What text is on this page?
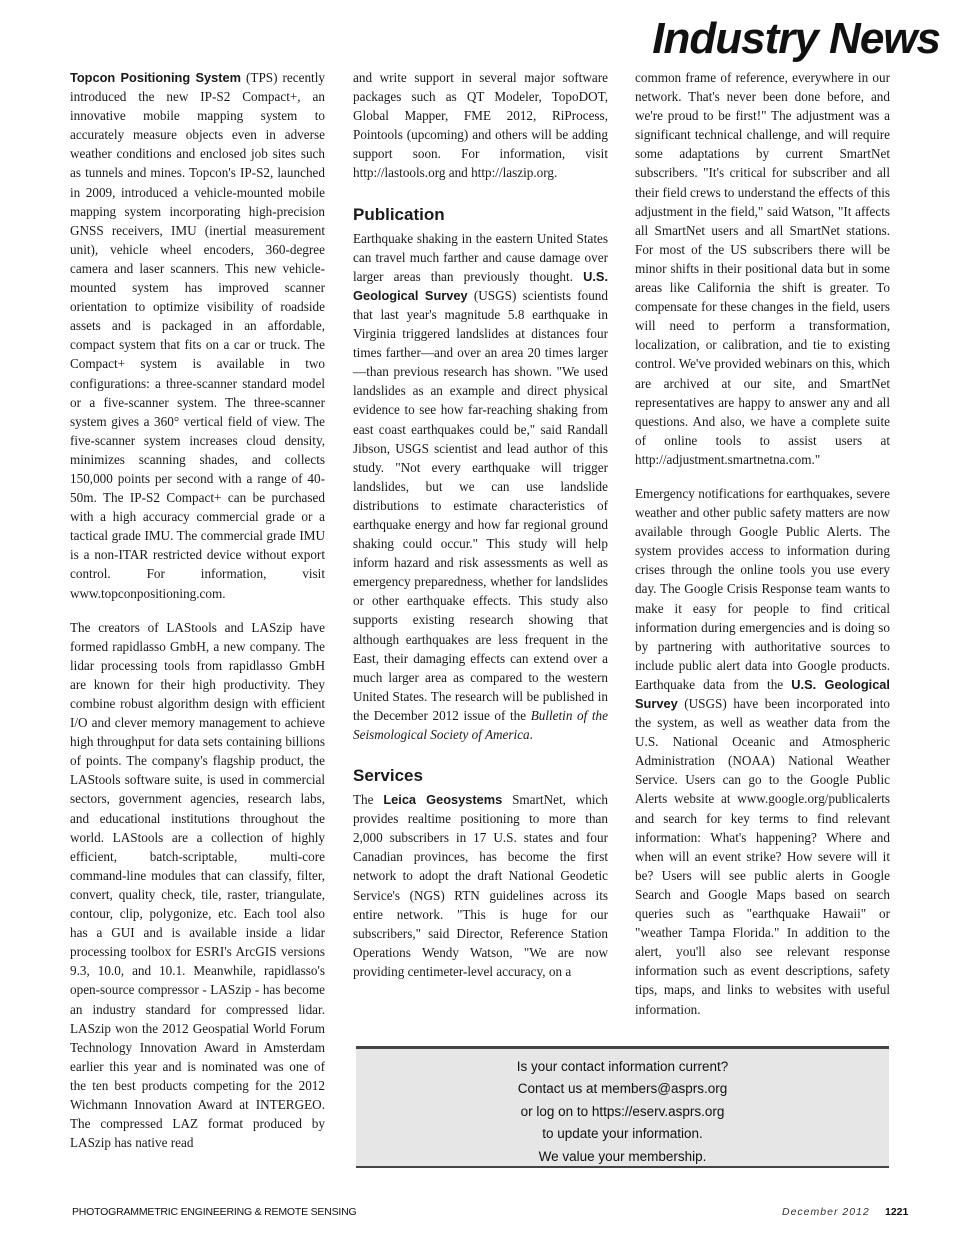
Industry News

Topcon Positioning System (TPS) recently introduced the new IP-S2 Compact+, an innovative mobile mapping system to accurately measure objects even in adverse weather conditions and enclosed job sites such as tunnels and mines. Topcon's IP-S2, launched in 2009, introduced a vehicle-mounted mobile mapping system incorporating high-precision GNSS receivers, IMU (inertial measurement unit), vehicle wheel encoders, 360-degree camera and laser scanners. This new vehicle-mounted system has improved scanner orientation to optimize visibility of roadside assets and is packaged in an affordable, compact system that fits on a car or truck. The Compact+ system is available in two configurations: a three-scanner standard model or a five-scanner system. The three-scanner system gives a 360° vertical field of view. The five-scanner system increases cloud density, minimizes scanning shades, and collects 150,000 points per second with a range of 40-50m. The IP-S2 Compact+ can be purchased with a high accuracy commercial grade or a tactical grade IMU. The commercial grade IMU is a non-ITAR restricted device without export control. For information, visit www.topconpositioning.com.

The creators of LAStools and LASzip have formed rapidlasso GmbH, a new company. The lidar processing tools from rapidlasso GmbH are known for their high productivity. They combine robust algorithm design with efficient I/O and clever memory management to achieve high throughput for data sets containing billions of points. The company's flagship product, the LAStools software suite, is used in commercial sectors, government agencies, research labs, and educational institutions throughout the world. LAStools are a collection of highly efficient, batch-scriptable, multi-core command-line modules that can classify, filter, convert, quality check, tile, raster, triangulate, contour, clip, polygonize, etc. Each tool also has a GUI and is available inside a lidar processing toolbox for ESRI's ArcGIS versions 9.3, 10.0, and 10.1. Meanwhile, rapidlasso's open-source compressor - LASzip - has become an industry standard for compressed lidar. LASzip won the 2012 Geospatial World Forum Technology Innovation Award in Amsterdam earlier this year and is nominated was one of the ten best products competing for the 2012 Wichmann Innovation Award at INTERGEO. The compressed LAZ format produced by LASzip has native read

and write support in several major software packages such as QT Modeler, TopoDOT, Global Mapper, FME 2012, RiProcess, Pointools (upcoming) and others will be adding support soon. For information, visit http://lastools.org and http://laszip.org.

Publication

Earthquake shaking in the eastern United States can travel much farther and cause damage over larger areas than previously thought. U.S. Geological Survey (USGS) scientists found that last year's magnitude 5.8 earthquake in Virginia triggered landslides at distances four times farther—and over an area 20 times larger—than previous research has shown. "We used landslides as an example and direct physical evidence to see how far-reaching shaking from east coast earthquakes could be," said Randall Jibson, USGS scientist and lead author of this study. "Not every earthquake will trigger landslides, but we can use landslide distributions to estimate characteristics of earthquake energy and how far regional ground shaking could occur." This study will help inform hazard and risk assessments as well as emergency preparedness, whether for landslides or other earthquake effects. This study also supports existing research showing that although earthquakes are less frequent in the East, their damaging effects can extend over a much larger area as compared to the western United States. The research will be published in the December 2012 issue of the Bulletin of the Seismological Society of America.

Services

The Leica Geosystems SmartNet, which provides realtime positioning to more than 2,000 subscribers in 17 U.S. states and four Canadian provinces, has become the first network to adopt the draft National Geodetic Service's (NGS) RTN guidelines across its entire network. "This is huge for our subscribers," said Director, Reference Station Operations Wendy Watson, "We are now providing centimeter-level accuracy, on a

common frame of reference, everywhere in our network. That's never been done before, and we're proud to be first!" The adjustment was a significant technical challenge, and will require some adaptations by current SmartNet subscribers. "It's critical for subscriber and all their field crews to understand the effects of this adjustment in the field," said Watson, "It affects all SmartNet users and all SmartNet stations. For most of the US subscribers there will be minor shifts in their positional data but in some areas like California the shift is greater. To compensate for these changes in the field, users will need to perform a transformation, localization, or calibration, and tie to existing control. We've provided webinars on this, which are archived at our site, and SmartNet representatives are happy to answer any and all questions. And also, we have a complete suite of online tools to assist users at http://adjustment.smartnetna.com."

Emergency notifications for earthquakes, severe weather and other public safety matters are now available through Google Public Alerts. The system provides access to information during crises through the online tools you use every day. The Google Crisis Response team wants to make it easy for people to find critical information during emergencies and is doing so by partnering with authoritative sources to include public alert data into Google products. Earthquake data from the U.S. Geological Survey (USGS) have been incorporated into the system, as well as weather data from the U.S. National Oceanic and Atmospheric Administration (NOAA) National Weather Service. Users can go to the Google Public Alerts website at www.google.org/publicalerts and search for key terms to find relevant information: What's happening? Where and when will an event strike? How severe will it be? Users will see public alerts in Google Search and Google Maps based on search queries such as "earthquake Hawaii" or "weather Tampa Florida." In addition to the alert, you'll also see relevant response information such as event descriptions, safety tips, maps, and links to websites with useful information.

Is your contact information current?
Contact us at members@asprs.org
or log on to https://eserv.asprs.org
to update your information.
We value your membership.
PHOTOGRAMMETRIC ENGINEERING & REMOTE SENSING	December 2012 1221
